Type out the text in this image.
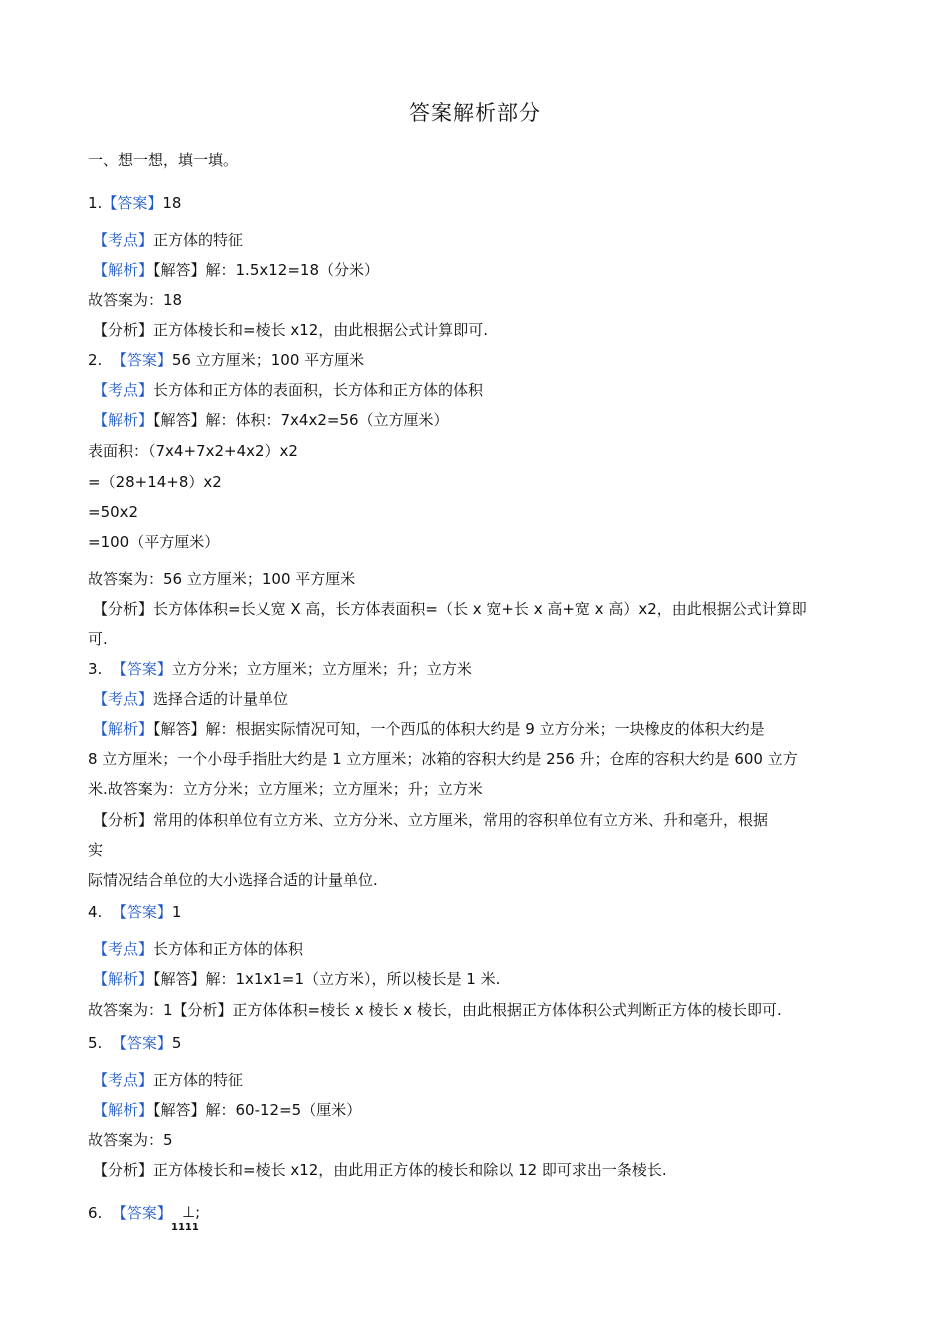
答案解析部分
一、想一想，填一填。
1.【答案】18
【考点】正方体的特征
【解析】【解答】解：1.5x12=18（分米）
故答案为：18
【分析】正方体棱长和=棱长 x12，由此根据公式计算即可.
2. 【答案】56 立方厘米；100 平方厘米
【考点】长方体和正方体的表面积，长方体和正方体的体积
【解析】【解答】解：体积：7x4x2=56（立方厘米）
表面积：（7x4+7x2+4x2）x2
=（28+14+8）x2
=50x2
=100（平方厘米）
故答案为：56 立方厘米；100 平方厘米
【分析】长方体体积=长乂宽 X 高，长方体表面积=（长 x 宽+长 x 高+宽 x 高）x2，由此根据公式计算即
可.
3. 【答案】立方分米；立方厘米；立方厘米；升；立方米
【考点】选择合适的计量单位
【解析】【解答】解：根据实际情况可知，一个西瓜的体积大约是 9 立方分米；一块橡皮的体积大约是
8 立方厘米；一个小母手指肚大约是 1 立方厘米；冰箱的容积大约是 256 升；仓库的容积大约是 600 立方
米.故答案为：立方分米；立方厘米；立方厘米；升；立方米
【分析】常用的体积单位有立方米、立方分米、立方厘米，常用的容积单位有立方米、升和毫升，根据
实
际情况结合单位的大小选择合适的计量单位.
4. 【答案】1
【考点】长方体和正方体的体积
【解析】【解答】解：1x1x1=1（立方米），所以棱长是 1 米.
故答案为：1【分析】正方体体积=棱长 x 棱长 x 棱长，由此根据正方体体积公式判断正方体的棱长即可.
5. 【答案】5
【考点】正方体的特征
【解析】【解答】解：60-12=5（厘米）
故答案为：5
【分析】正方体棱长和=棱长 x12，由此用正方体的棱长和除以 12 即可求出一条棱长.
6. 【答案】 ⊥;
1111
